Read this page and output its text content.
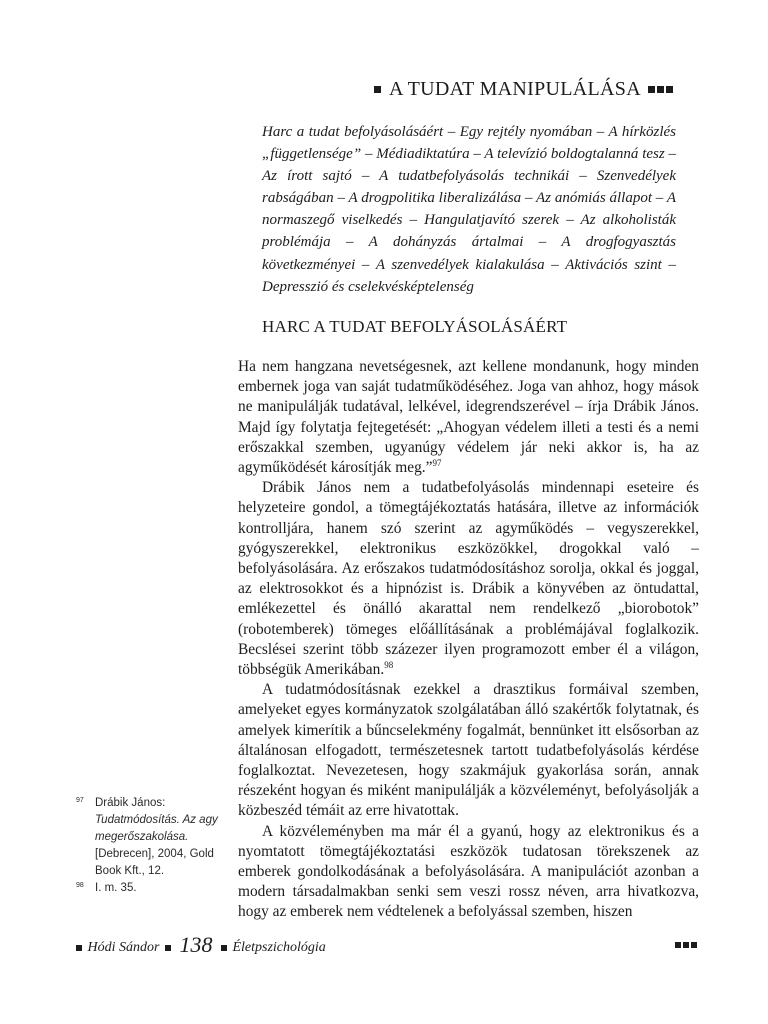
A TUDAT MANIPULÁLÁSA
Harc a tudat befolyásolásáért – Egy rejtély nyomában – A hírközlés „függetlensége” – Médiadiktatúra – A televízió boldogtalanná tesz – Az írott sajtó – A tudatbefolyásolás technikái – Szenvedélyek rabságában – A drogpolitika liberalizálása – Az anómiás állapot – A normaszegő viselkedés – Hangulatjavító szerek – Az alkoholisták problémája – A dohányzás ártalmai – A drogfogyasztás következményei – A szenvedélyek kialakulása – Aktivációs szint – Depresszió és cselekvésképtelenség
HARC A TUDAT BEFOLYÁSOLÁSÁÉRT

Ha nem hangzana nevetségesnek, azt kellene mondanunk, hogy minden embernek joga van saját tudatműködéséhez. Joga van ahhoz, hogy mások ne manipulálják tudatával, lelkével, idegrendszerével – írja Drábik János. Majd így folytatja fejtegetését: „Ahogyan védelem illeti a testi és a nemi erőszakkal szemben, ugyanúgy védelem jár neki akkor is, ha az agyműködését károsítják meg.”$^{97}$

Drábik János nem a tudatbefolyásolás mindennapi eseteire és helyzeteire gondol, a tömegtájékoztatás hatására, illetve az információk kontrolljára, hanem szó szerint az agyműködés – vegyszerekkel, gyógyszerekkel, elektronikus eszközökkel, drogokkal való – befolyásolására. Az erőszakos tudatmódosításhoz sorolja, okkal és joggal, az elektrosokkot és a hipnózist is. Drábik a könyvében az öntudattal, emlékezettel és önálló akarattal nem rendelkező „biorobotok” (robotemberek) tömeges előállításának a problémájával foglalkozik. Becslései szerint több százezer ilyen programozott ember él a világon, többségük Amerikában.$^{98}$

A tudatmódosításnak ezekkel a drasztikus formáival szemben, amelyeket egyes kormányzatok szolgálatában álló szakértők folytatnak, és amelyek kimerítik a bűncselekmény fogalmát, bennünket itt elsősorban az általánosan elfogadott, természetesnek tartott tudatbefolyásolás kérdése foglalkoztat. Nevezetesen, hogy szakmájuk gyakorlása során, annak részeként hogyan és miként manipulálják a közvéleményt, befolyásolják a közbeszéd témáit az erre hivatottak.

A közvéleményben ma már él a gyanú, hogy az elektronikus és a nyomtatott tömegtájékoztatási eszközök tudatosan törekszenek az emberek gondolkodásának a befolyásolására. A manipulációt azonban a modern társadalmakban senki sem veszi rossz néven, arra hivatkozva, hogy az emberek nem védtelenek a befolyással szemben, hiszen

97 Drábik János: Tudatmódosítás. Az agy megerőszakolása. [Debrecen], 2004, Gold Book Kft., 12.
98 I. m. 35.
Hódi Sándor 138 Életpszichológia
